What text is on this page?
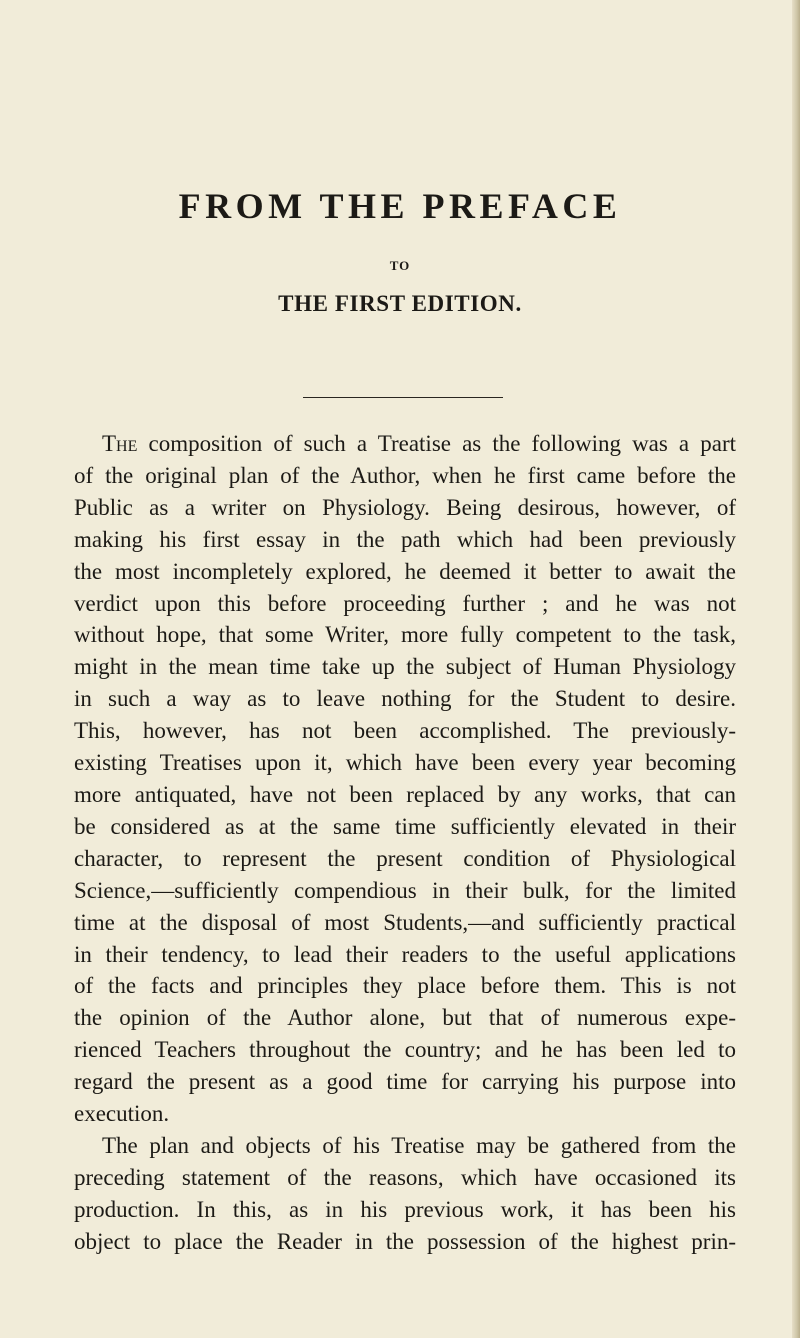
FROM THE PREFACE
TO
THE FIRST EDITION.
The composition of such a Treatise as the following was a part
of the original plan of the Author, when he first came before the
Public as a writer on Physiology. Being desirous, however, of
making his first essay in the path which had been previously
the most incompletely explored, he deemed it better to await the
verdict upon this before proceeding further ; and he was not
without hope, that some Writer, more fully competent to the task,
might in the mean time take up the subject of Human Physiology
in such a way as to leave nothing for the Student to desire.
This, however, has not been accomplished. The previously-
existing Treatises upon it, which have been every year becoming
more antiquated, have not been replaced by any works, that can
be considered as at the same time sufficiently elevated in their
character, to represent the present condition of Physiological
Science,—sufficiently compendious in their bulk, for the limited
time at the disposal of most Students,—and sufficiently practical
in their tendency, to lead their readers to the useful applications
of the facts and principles they place before them. This is not
the opinion of the Author alone, but that of numerous expe-
rienced Teachers throughout the country; and he has been led to
regard the present as a good time for carrying his purpose into
execution.
The plan and objects of his Treatise may be gathered from the
preceding statement of the reasons, which have occasioned its
production. In this, as in his previous work, it has been his
object to place the Reader in the possession of the highest prin-
